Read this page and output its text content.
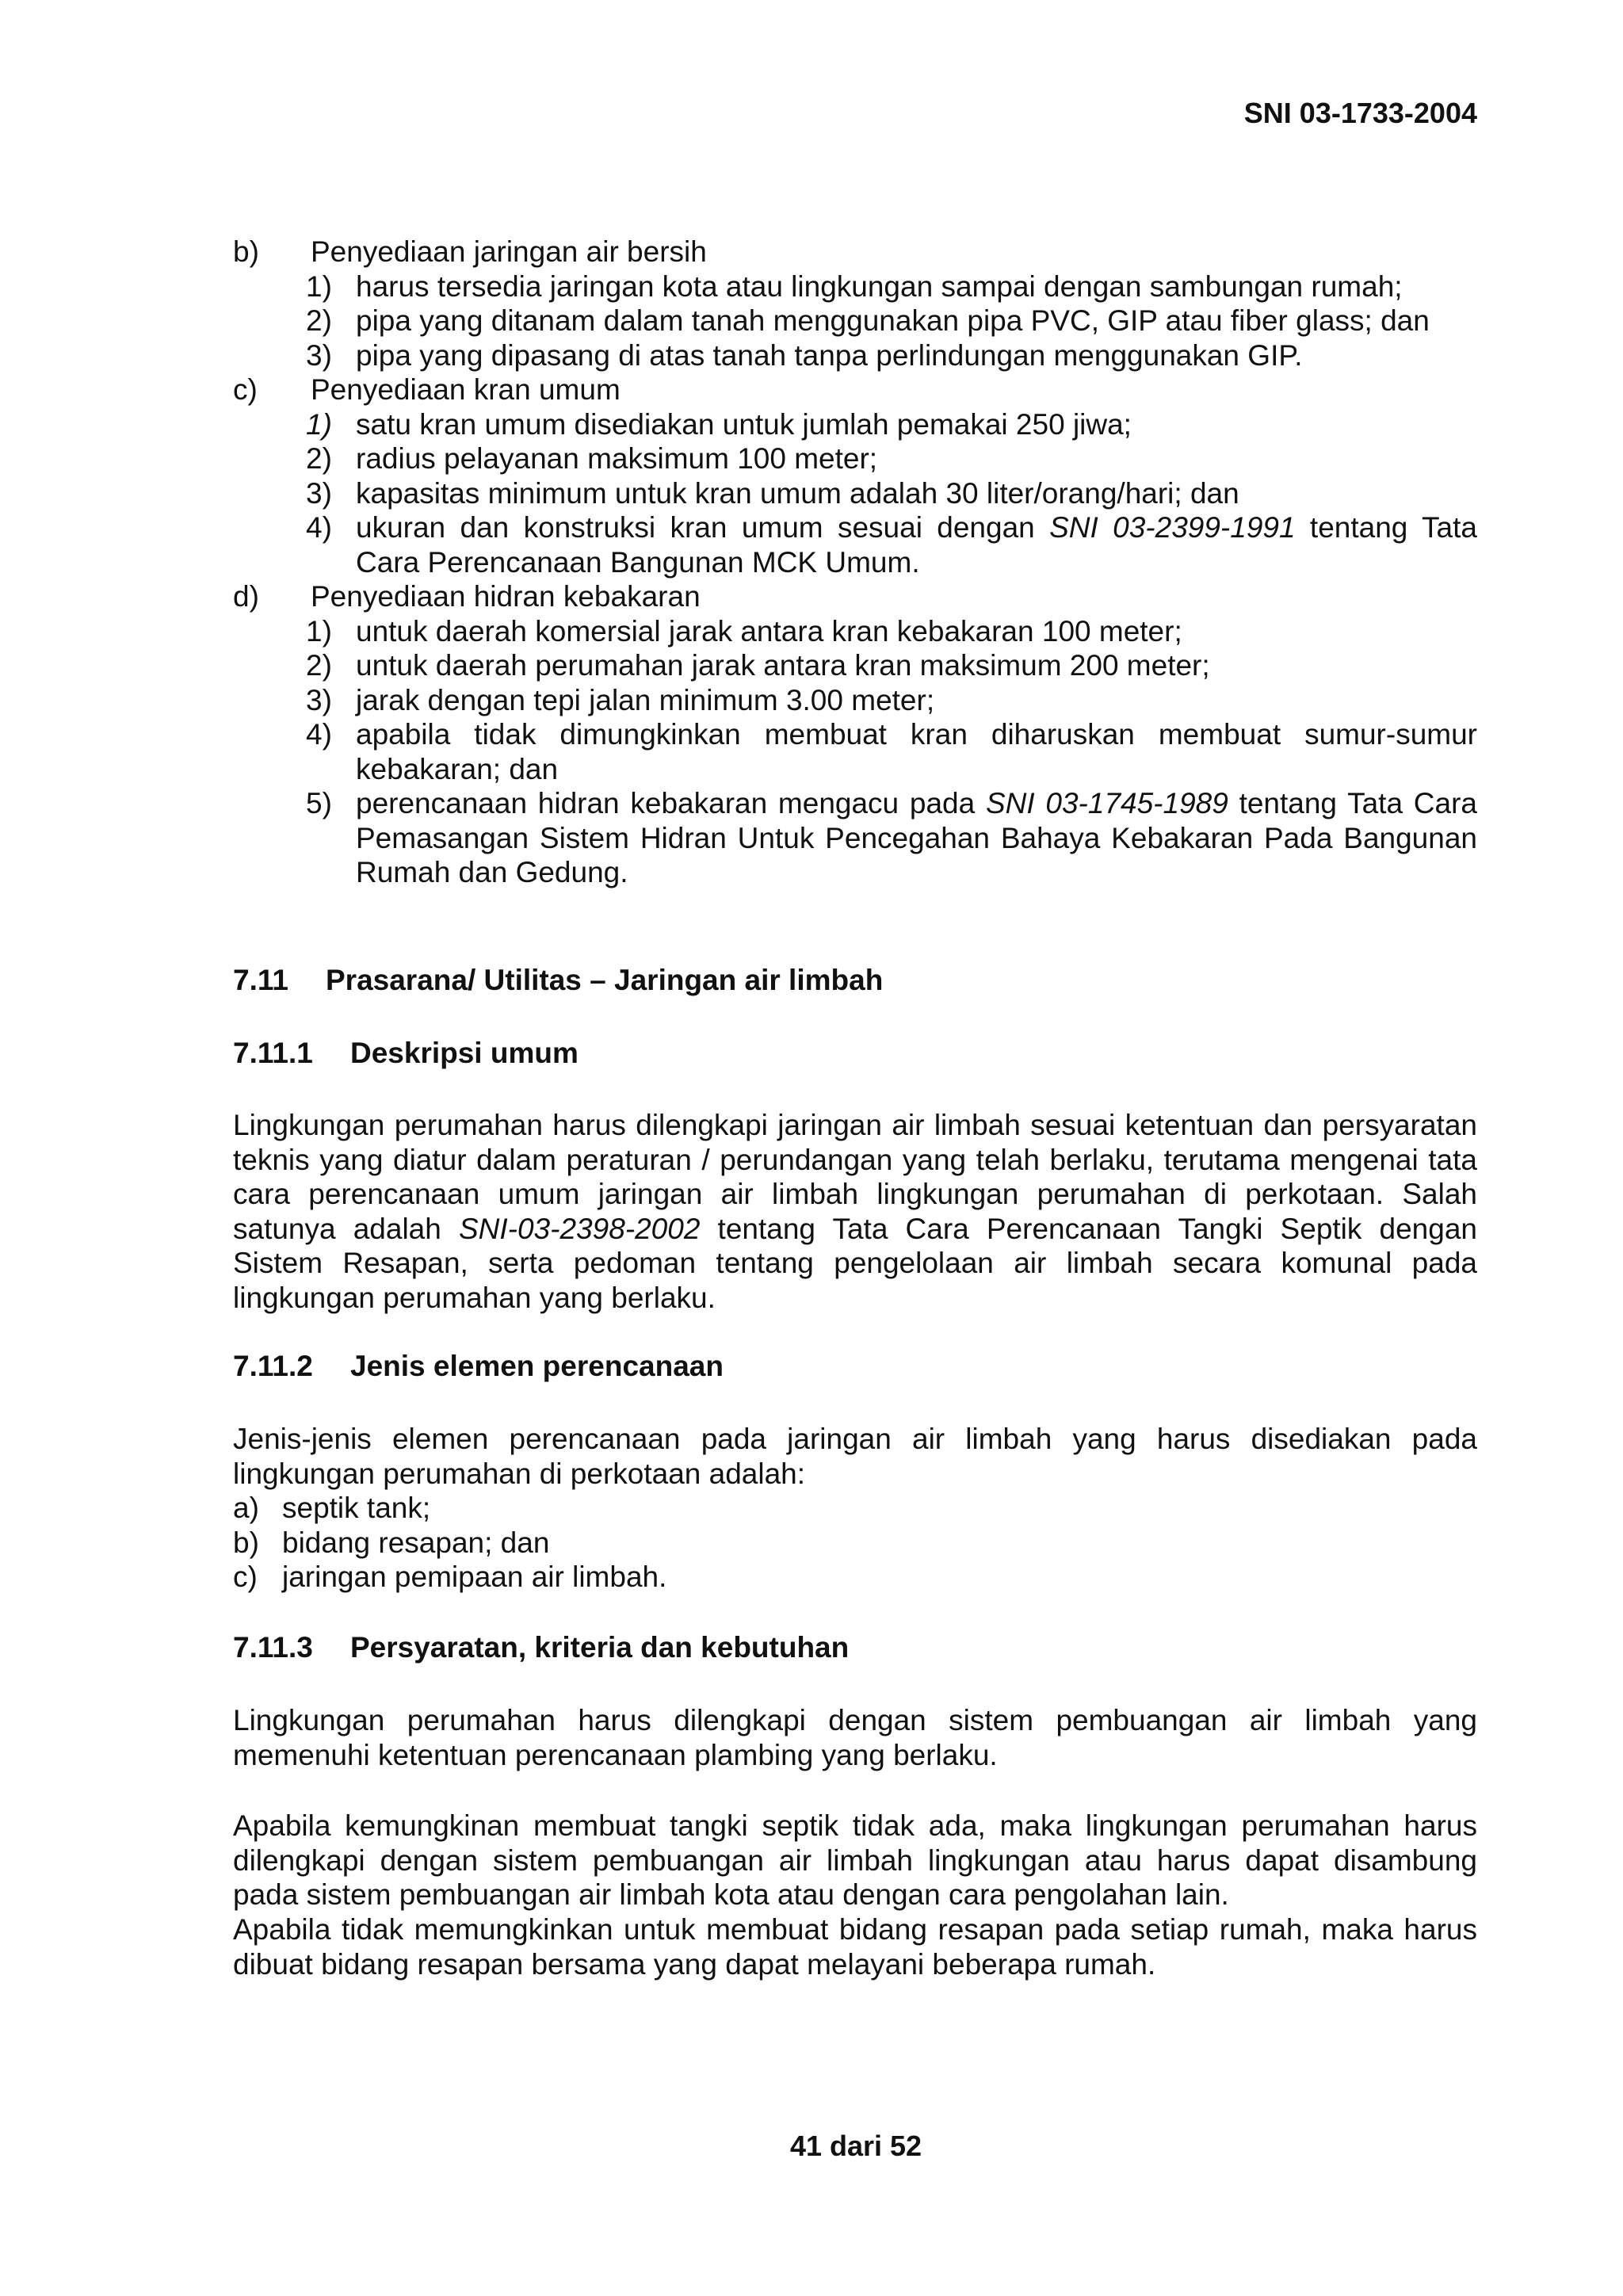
SNI 03-1733-2004
b)	Penyediaan jaringan air bersih
1) harus tersedia jaringan kota atau lingkungan sampai dengan sambungan rumah;
2) pipa yang ditanam dalam tanah menggunakan pipa PVC, GIP atau fiber glass; dan
3) pipa yang dipasang di atas tanah tanpa perlindungan menggunakan GIP.
c)	Penyediaan kran umum
1) satu kran umum disediakan untuk jumlah pemakai 250 jiwa;
2) radius pelayanan maksimum 100 meter;
3) kapasitas minimum untuk kran umum adalah 30 liter/orang/hari; dan
4) ukuran dan konstruksi kran umum sesuai dengan SNI 03-2399-1991 tentang Tata Cara Perencanaan Bangunan MCK Umum.
d)	Penyediaan hidran kebakaran
1) untuk daerah komersial jarak antara kran kebakaran 100 meter;
2) untuk daerah perumahan jarak antara kran maksimum 200 meter;
3) jarak dengan tepi jalan minimum 3.00 meter;
4) apabila tidak dimungkinkan membuat kran diharuskan membuat sumur-sumur kebakaran; dan
5) perencanaan hidran kebakaran mengacu pada SNI 03-1745-1989 tentang Tata Cara Pemasangan Sistem Hidran Untuk Pencegahan Bahaya Kebakaran Pada Bangunan Rumah dan Gedung.
7.11 Prasarana/ Utilitas – Jaringan air limbah
7.11.1 Deskripsi umum
Lingkungan perumahan harus dilengkapi jaringan air limbah sesuai ketentuan dan persyaratan teknis yang diatur dalam peraturan / perundangan yang telah berlaku, terutama mengenai tata cara perencanaan umum jaringan air limbah lingkungan perumahan di perkotaan. Salah satunya adalah SNI-03-2398-2002 tentang Tata Cara Perencanaan Tangki Septik dengan Sistem Resapan, serta pedoman tentang pengelolaan air limbah secara komunal pada lingkungan perumahan yang berlaku.
7.11.2 Jenis elemen perencanaan
Jenis-jenis elemen perencanaan pada jaringan air limbah yang harus disediakan pada lingkungan perumahan di perkotaan adalah:
a) septik tank;
b) bidang resapan; dan
c) jaringan pemipaan air limbah.
7.11.3 Persyaratan, kriteria dan kebutuhan
Lingkungan perumahan harus dilengkapi dengan sistem pembuangan air limbah yang memenuhi ketentuan perencanaan plambing yang berlaku.
Apabila kemungkinan membuat tangki septik tidak ada, maka lingkungan perumahan harus dilengkapi dengan sistem pembuangan air limbah lingkungan atau harus dapat disambung pada sistem pembuangan air limbah kota atau dengan cara pengolahan lain.
Apabila tidak memungkinkan untuk membuat bidang resapan pada setiap rumah, maka harus dibuat bidang resapan bersama yang dapat melayani beberapa rumah.
41 dari 52
